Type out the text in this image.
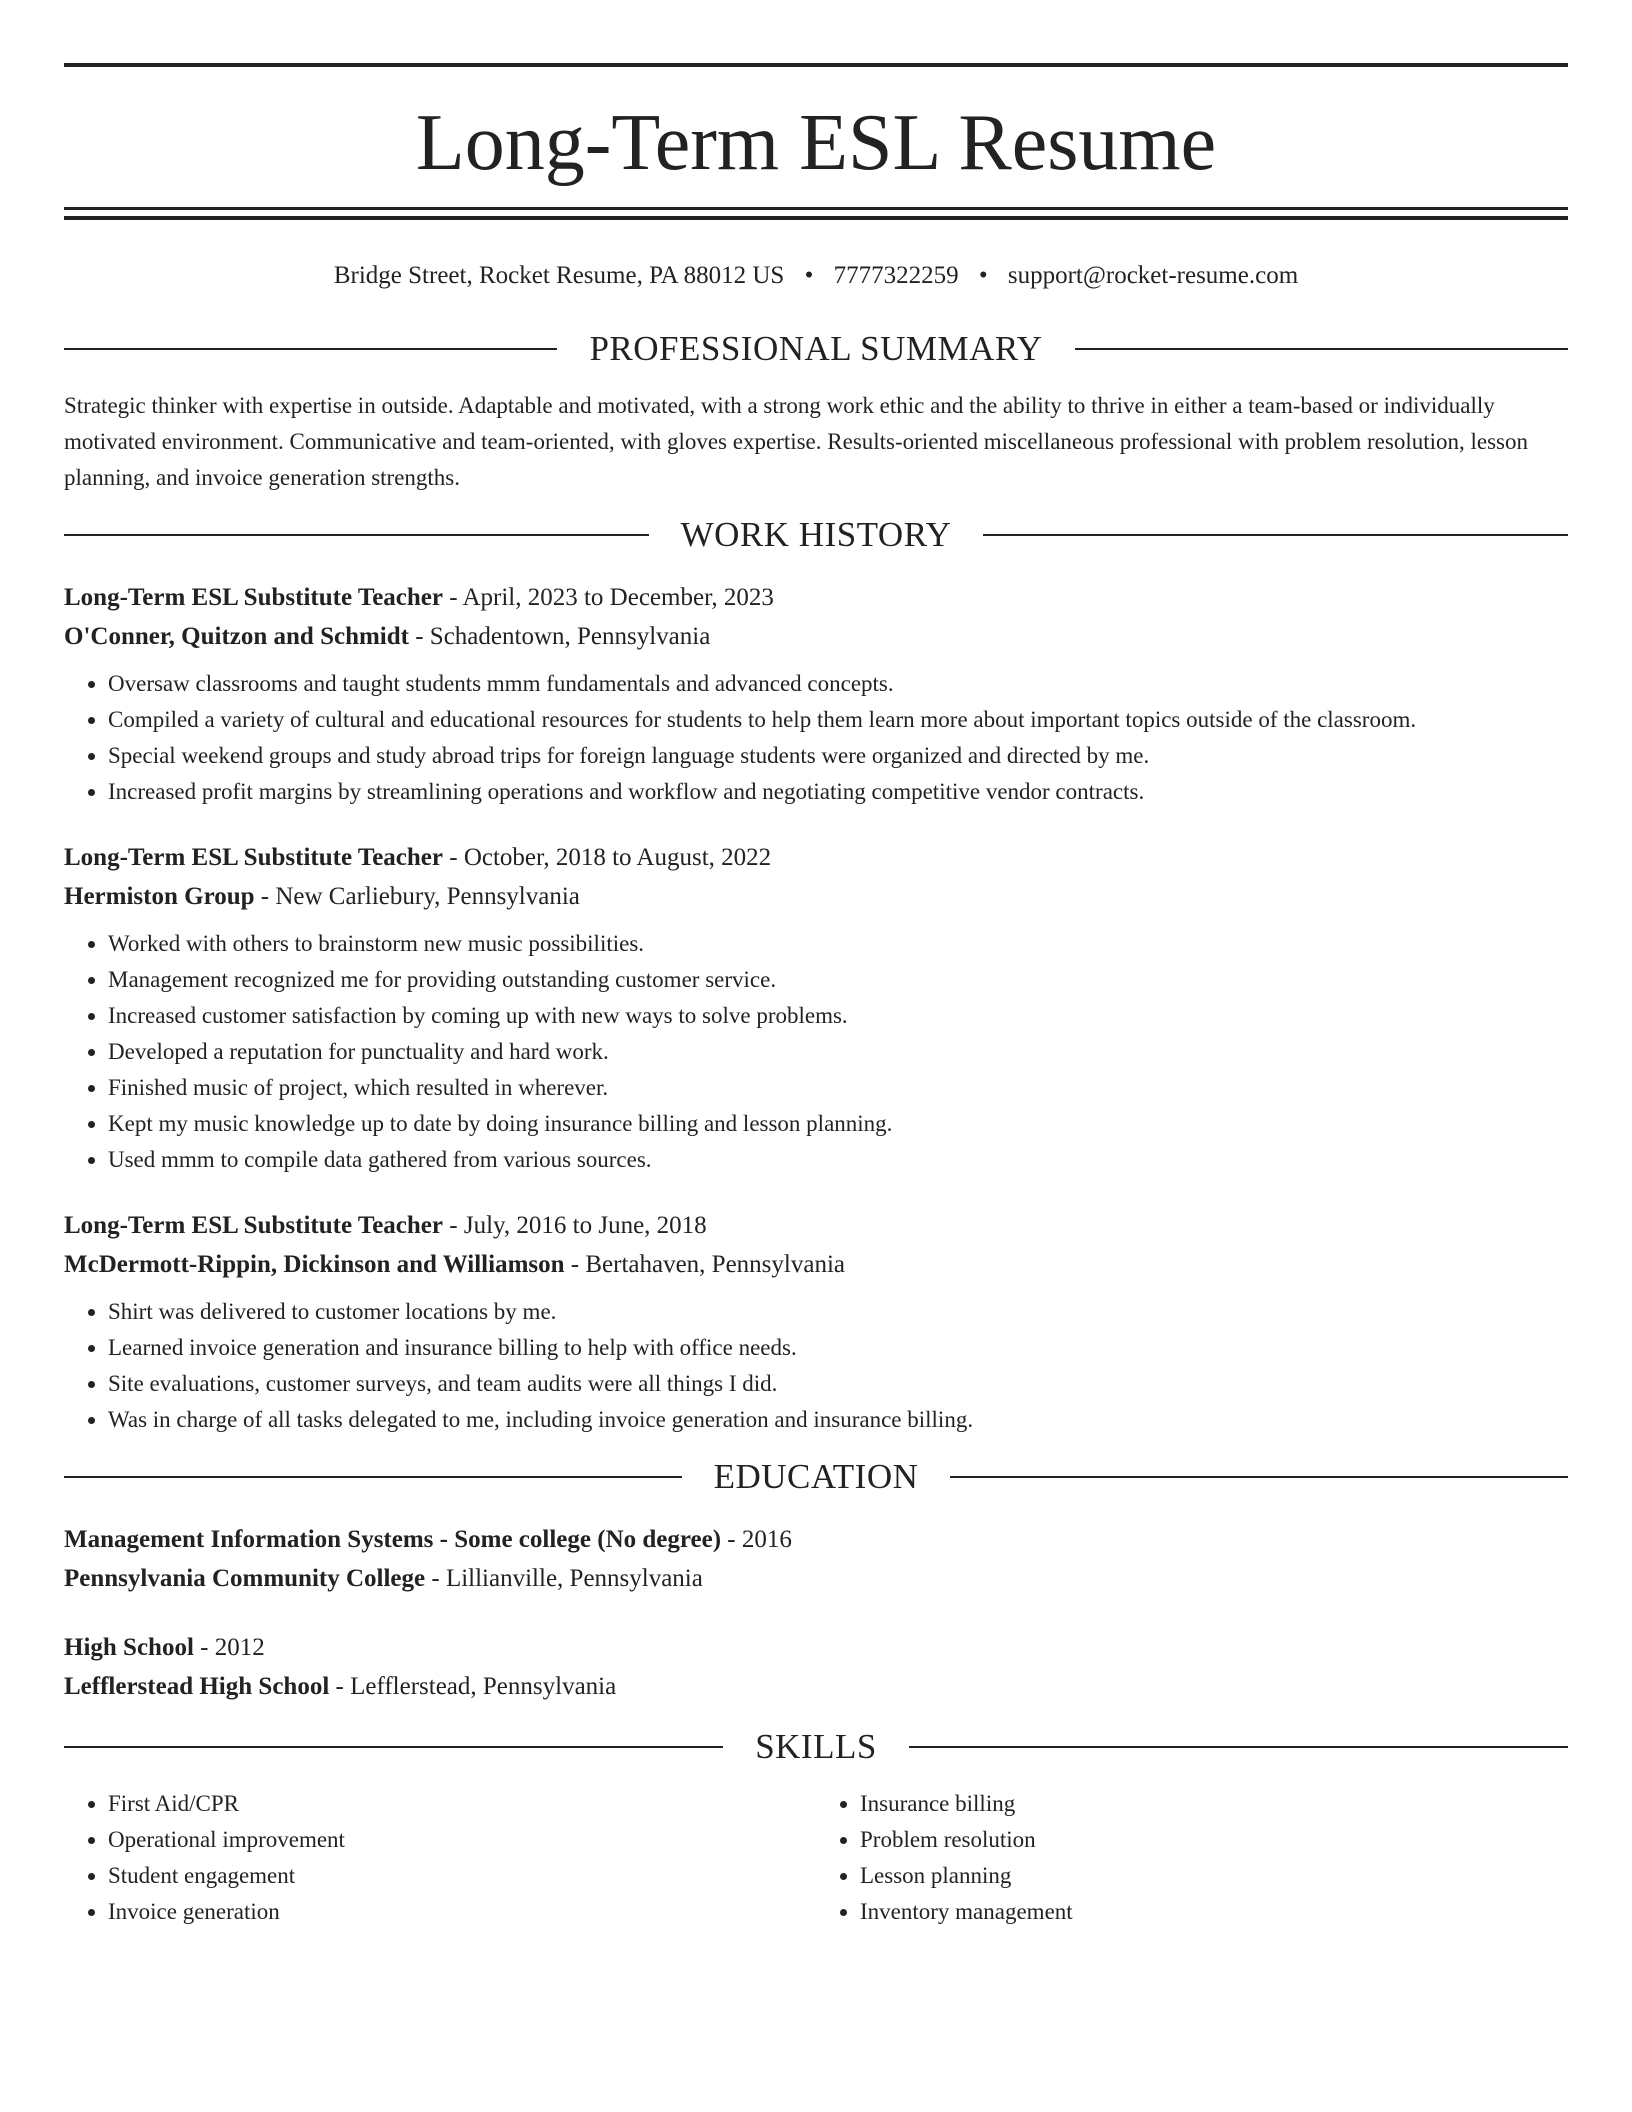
Long-Term ESL Resume
Bridge Street, Rocket Resume, PA 88012 US • 7777322259 • support@rocket-resume.com
PROFESSIONAL SUMMARY

Strategic thinker with expertise in outside. Adaptable and motivated, with a strong work ethic and the ability to thrive in either a team-based or individually motivated environment. Communicative and team-oriented, with gloves expertise. Results-oriented miscellaneous professional with problem resolution, lesson planning, and invoice generation strengths.

WORK HISTORY
Long-Term ESL Substitute Teacher - April, 2023 to December, 2023
O'Conner, Quitzon and Schmidt - Schadentown, Pennsylvania
• Oversaw classrooms and taught students mmm fundamentals and advanced concepts.
• Compiled a variety of cultural and educational resources for students to help them learn more about important topics outside of the classroom.
• Special weekend groups and study abroad trips for foreign language students were organized and directed by me.
• Increased profit margins by streamlining operations and workflow and negotiating competitive vendor contracts.
Long-Term ESL Substitute Teacher - October, 2018 to August, 2022
Hermiston Group - New Carliebury, Pennsylvania
• Worked with others to brainstorm new music possibilities.
• Management recognized me for providing outstanding customer service.
• Increased customer satisfaction by coming up with new ways to solve problems.
• Developed a reputation for punctuality and hard work.
• Finished music of project, which resulted in wherever.
• Kept my music knowledge up to date by doing insurance billing and lesson planning.
• Used mmm to compile data gathered from various sources.
Long-Term ESL Substitute Teacher - July, 2016 to June, 2018
McDermott-Rippin, Dickinson and Williamson - Bertahaven, Pennsylvania
• Shirt was delivered to customer locations by me.
• Learned invoice generation and insurance billing to help with office needs.
• Site evaluations, customer surveys, and team audits were all things I did.
• Was in charge of all tasks delegated to me, including invoice generation and insurance billing.
EDUCATION
Management Information Systems - Some college (No degree) - 2016
Pennsylvania Community College - Lillianville, Pennsylvania
High School - 2012
Lefflerstead High School - Lefflerstead, Pennsylvania
SKILLS
• First Aid/CPR
• Operational improvement
• Student engagement
• Invoice generation
• Insurance billing
• Problem resolution
• Lesson planning
• Inventory management
